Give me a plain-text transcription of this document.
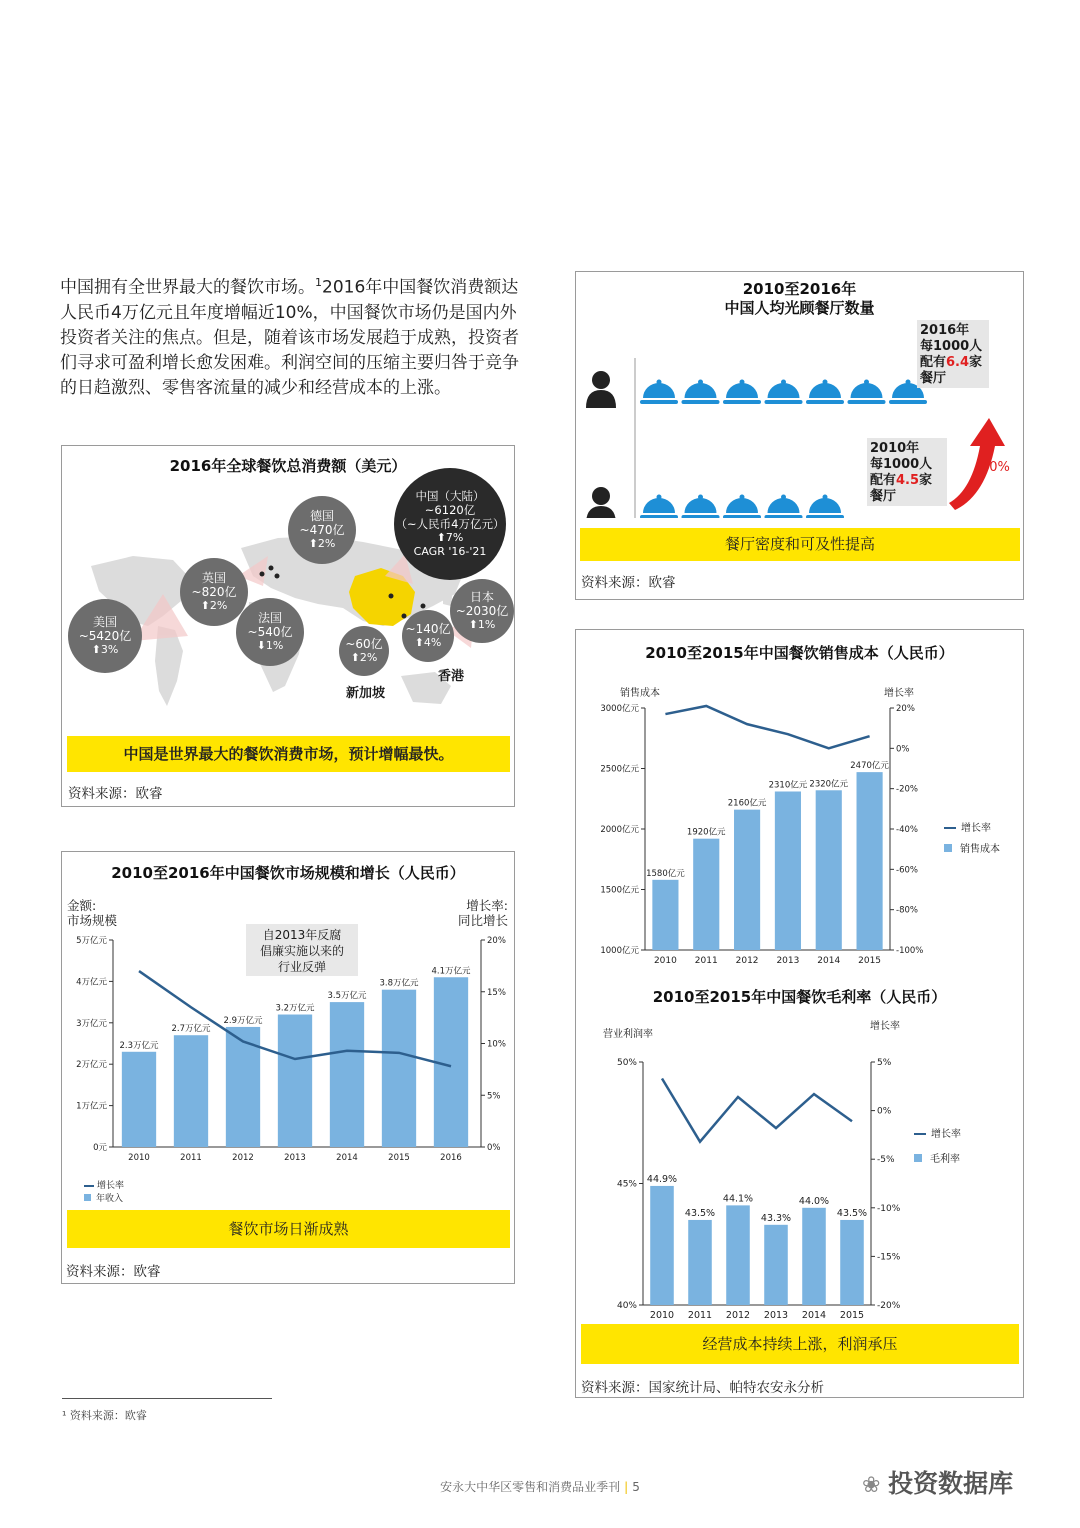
中国拥有全世界最大的餐饮市场。$^1$2016年中国餐饮消费额达人民币4万亿元且年度增幅近10%，中国餐饮市场仍是国内外投资者关注的焦点。但是，随着该市场发展趋于成熟，投资者们寻求可盈利增长愈发困难。利润空间的压缩主要归咎于竞争的日趋激烈、零售客流量的减少和经营成本的上涨。
2016年全球餐饮总消费额（美元）
美国
~5420亿
⬆3%
英国
~820亿
⬆2%
法国
~540亿
⬇1%
德国
~470亿
⬆2%
中国（大陆）
~6120亿
（~人民币4万亿元）
⬆7%
CAGR '16-'21
日本
~2030亿
⬆1%
~60亿
⬆2%
~140亿
⬆4%
新加坡
香港
中国是世界最大的餐饮消费市场，预计增幅最快。
资料来源：欧睿
2010至2016年中国餐饮市场规模和增长（人民币）
金额:
市场规模
增长率:
同比增长
0元
1万亿元
2万亿元
3万亿元
4万亿元
5万亿元
0%
5%
10%
15%
20%
2.3万亿元
2010
2.7万亿元
2011
2.9万亿元
2012
3.2万亿元
2013
3.5万亿元
2014
3.8万亿元
2015
4.1万亿元
2016
自2013年反腐
倡廉实施以来的
行业反弹
增长率
年收入
餐饮市场日渐成熟
资料来源：欧睿
2010至2016年
中国人均光顾餐厅数量
2016年
每1000人
配有6.4家
餐厅
2010年
每1000人
配有4.5家
餐厅
40%
餐厅密度和可及性提高
资料来源：欧睿
2010至2015年中国餐饮销售成本（人民币）
销售成本	增长率
1000亿元
1500亿元
2000亿元
2500亿元
3000亿元
-100%
-80%
-60%
-40%
-20%
0%
20%
1580亿元
2010
1920亿元
2011
2160亿元
2012
2310亿元
2013
2320亿元
2014
2470亿元
2015
增长率
销售成本
2010至2015年中国餐饮毛利率（人民币）
营业利润率
增长率
40%
45%
50%
-20%
-15%
-10%
-5%
0%
5%
44.9%
2010
43.5%
2011
44.1%
2012
43.3%
2013
44.0%
2014
43.5%
2015
增长率
毛利率
经营成本持续上涨，利润承压
资料来源：国家统计局、帕特农安永分析
¹ 资料来源：欧睿
安永大中华区零售和消费品业季刊 | 5	❀ 投资数据库
